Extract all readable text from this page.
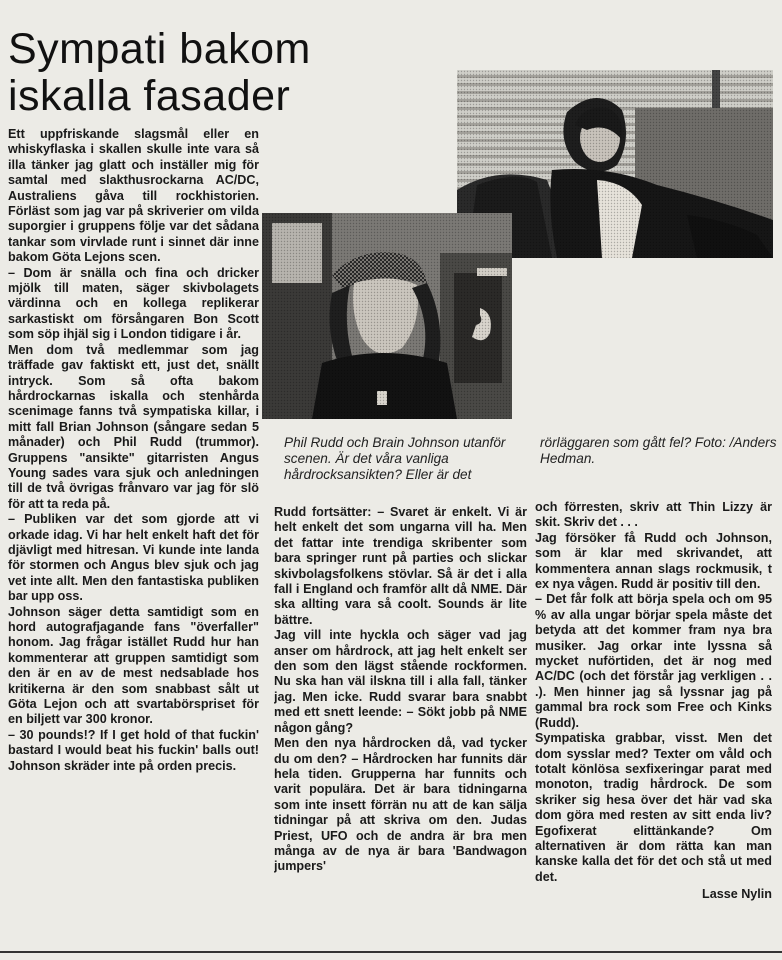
Sympati bakom
iskalla fasader
Phil Rudd och Brain Johnson utanför scenen. Är det våra vanliga hårdrocksansikten? Eller är det
rörläggaren som gått fel? Foto: /Anders Hedman.

Ett uppfriskande slagsmål eller en whiskyflaska i skallen skulle inte vara så illa tänker jag glatt och inställer mig för samtal med slakthusrockarna AC/DC, Australiens gåva till rockhistorien. Förläst som jag var på skriverier om vilda suporgier i gruppens följe var det sådana tankar som virvlade runt i sinnet där inne bakom Göta Lejons scen.

– Dom är snälla och fina och dricker mjölk till maten, säger skivbolagets värdinna och en kollega replikerar sarkastiskt om försångaren Bon Scott som söp ihjäl sig i London tidigare i år.

Men dom två medlemmar som jag träffade gav faktiskt ett, just det, snällt intryck. Som så ofta bakom hårdrockarnas iskalla och stenhårda scenimage fanns två sympatiska killar, i mitt fall Brian Johnson (sångare sedan 5 månader) och Phil Rudd (trummor). Gruppens "ansikte" gitarristen Angus Young sades vara sjuk och anledningen till de två övrigas frånvaro var jag för slö för att ta reda på.

– Publiken var det som gjorde att vi orkade idag. Vi har helt enkelt haft det för djävligt med hitresan. Vi kunde inte landa för stormen och Angus blev sjuk och jag vet inte allt. Men den fantastiska publiken bar upp oss.

Johnson säger detta samtidigt som en hord autografjagande fans "överfaller" honom. Jag frågar istället Rudd hur han kommenterar att gruppen samtidigt som den är en av de mest nedsablade hos kritikerna är den som snabbast sålt ut Göta Lejon och att svartabörspriset för en biljett var 300 kronor.

– 30 pounds!? If I get hold of that fuckin' bastard I would beat his fuckin' balls out! Johnson skräder inte på orden precis.

Rudd fortsätter: – Svaret är enkelt. Vi är helt enkelt det som ungarna vill ha. Men det fattar inte trendiga skribenter som bara springer runt på parties och slickar skivbolagsfolkens stövlar. Så är det i alla fall i England och framför allt då NME. Där ska allting vara så coolt. Sounds är lite bättre.

Jag vill inte hyckla och säger vad jag anser om hårdrock, att jag helt enkelt ser den som den lägst stående rockformen. Nu ska han väl ilskna till i alla fall, tänker jag. Men icke. Rudd svarar bara snabbt med ett snett leende: – Sökt jobb på NME någon gång?

Men den nya hårdrocken då, vad tycker du om den? – Hårdrocken har funnits där hela tiden. Grupperna har funnits och varit populära. Det är bara tidningarna som inte insett förrän nu att de kan sälja tidningar på att skriva om den. Judas Priest, UFO och de andra är bra men många av de nya är bara 'Bandwagon jumpers'

och förresten, skriv att Thin Lizzy är skit. Skriv det . . .

Jag försöker få Rudd och Johnson, som är klar med skrivandet, att kommentera annan slags rockmusik, t ex nya vågen. Rudd är positiv till den.

– Det får folk att börja spela och om 95 % av alla ungar börjar spela måste det betyda att det kommer fram nya bra musiker. Jag orkar inte lyssna så mycket nuförtiden, det är nog med AC/DC (och det förstår jag verkligen . . .). Men hinner jag så lyssnar jag på gammal bra rock som Free och Kinks (Rudd).

Sympatiska grabbar, visst. Men det dom sysslar med? Texter om våld och totalt könlösa sexfixeringar parat med monoton, tradig hårdrock. De som skriker sig hesa över det här vad ska dom göra med resten av sitt enda liv? Egofixerat elittänkande? Om alternativen är dom rätta kan man kanske kalla det för det och stå ut med det.

Lasse Nylin
